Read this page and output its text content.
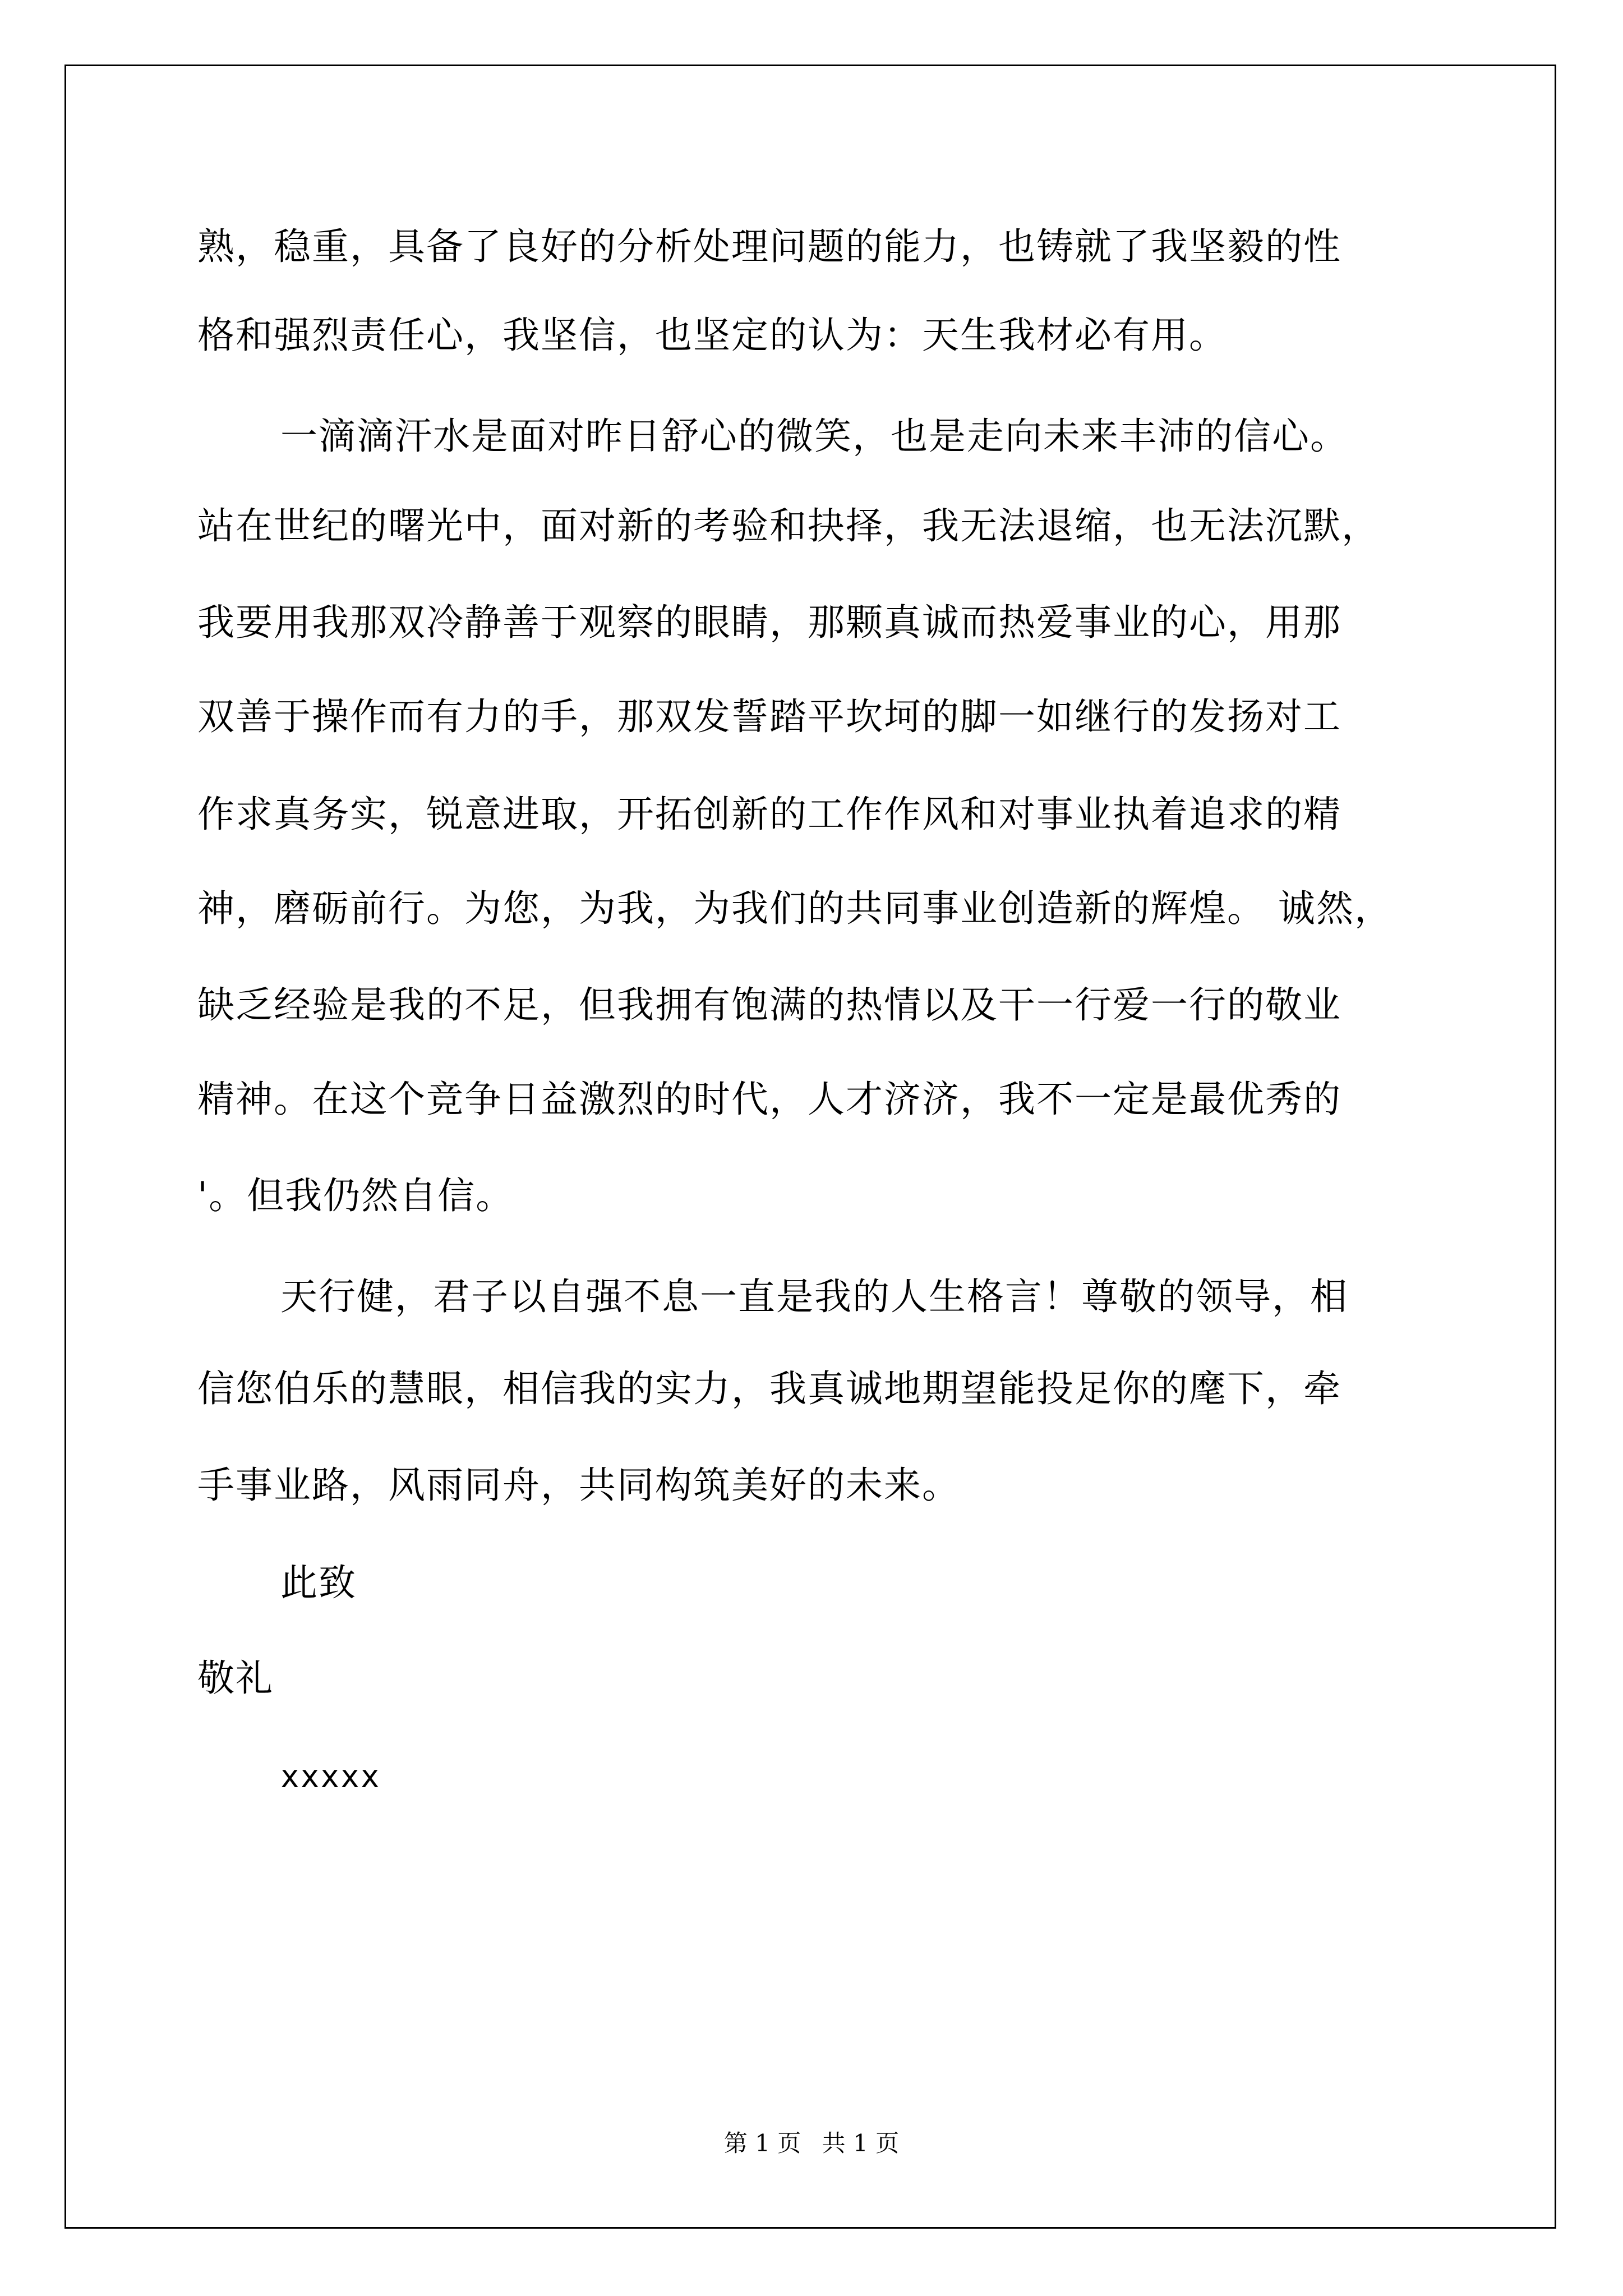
熟，稳重，具备了良好的分析处理问题的能力，也铸就了我坚毅的性
格和强烈责任心，我坚信，也坚定的认为：天生我材必有用。
一滴滴汗水是面对昨日舒心的微笑，也是走向未来丰沛的信心。
站在世纪的曙光中，面对新的考验和抉择，我无法退缩，也无法沉默，
我要用我那双冷静善于观察的眼睛，那颗真诚而热爱事业的心，用那
双善于操作而有力的手，那双发誓踏平坎坷的脚一如继行的发扬对工
作求真务实，锐意进取，开拓创新的工作作风和对事业执着追求的精
神，磨砺前行。为您，为我，为我们的共同事业创造新的辉煌。 诚然，
缺乏经验是我的不足，但我拥有饱满的热情以及干一行爱一行的敬业
精神。在这个竞争日益激烈的时代，人才济济，我不一定是最优秀的
'。但我仍然自信。
天行健，君子以自强不息一直是我的人生格言！尊敬的领导，相
信您伯乐的慧眼，相信我的实力，我真诚地期望能投足你的麾下，牵
手事业路，风雨同舟，共同构筑美好的未来。
此致
敬礼
xxxxx
第 1 页 共 1 页
